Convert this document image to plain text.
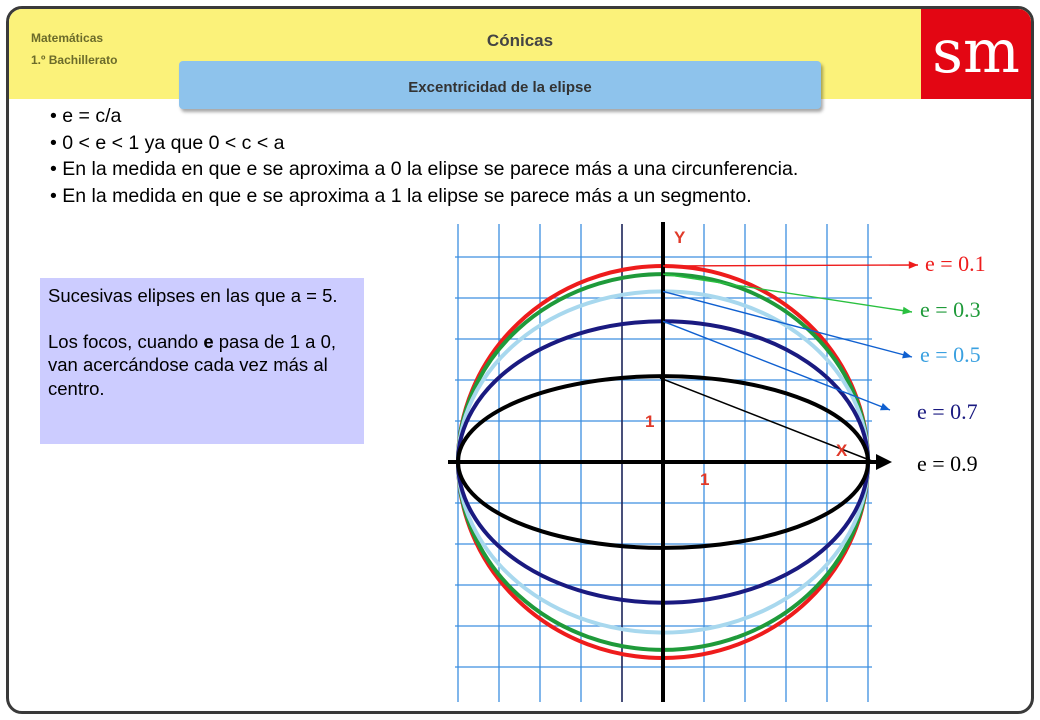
Matemáticas
1.º Bachillerato
Cónicas
Excentricidad de la elipse
sm
• e = c/a
• 0 < e < 1 ya que 0 < c < a
• En la medida en que e se aproxima a 0 la elipse se parece más a una circunferencia.
• En la medida en que e se aproxima a 1 la elipse se parece más a un segmento.

Sucesivas elipses en las que a = 5.

Los focos, cuando e pasa de 1 a 0, van acercándose cada vez más al centro.

Y
X
1
1
e = 0.1
e = 0.3
e = 0.5
e = 0.7
e = 0.9
